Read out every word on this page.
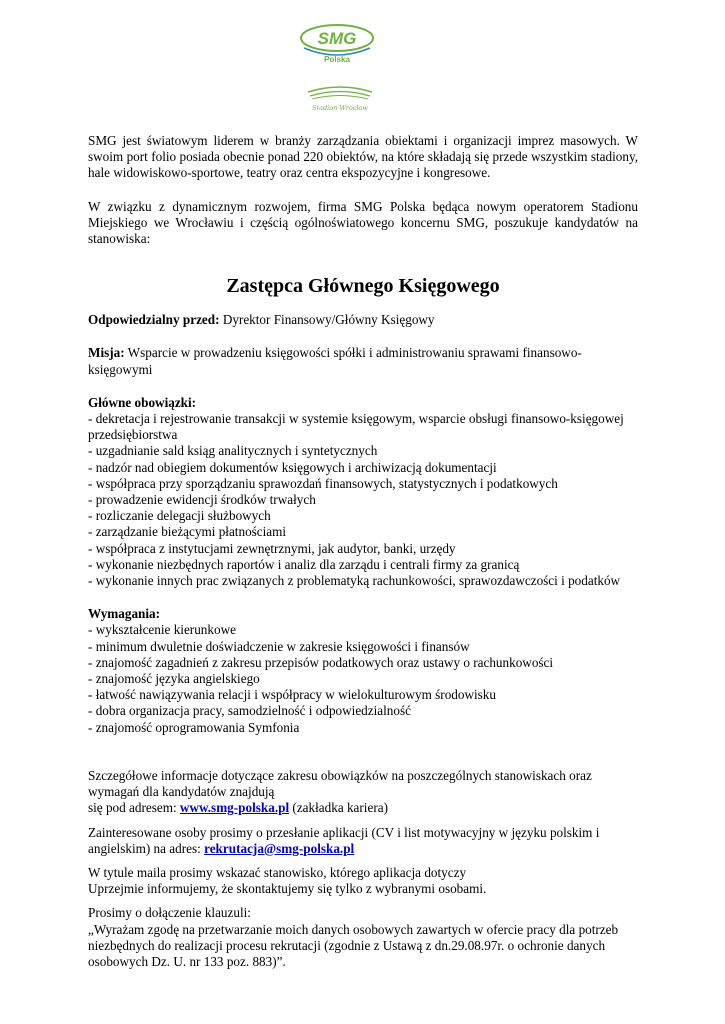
SMG
Polska
Stadion Wrocław

SMG jest światowym liderem w branży zarządzania obiektami i organizacji imprez masowych. W swoim port folio posiada obecnie ponad 220 obiektów, na które składają się przede wszystkim stadiony, hale widowiskowo-sportowe, teatry oraz centra ekspozycyjne i kongresowe.

W związku z dynamicznym rozwojem, firma SMG Polska będąca nowym operatorem Stadionu Miejskiego we Wrocławiu i częścią ogólnoświatowego koncernu SMG, poszukuje kandydatów na stanowiska:

Zastępca Głównego Księgowego

Odpowiedzialny przed: Dyrektor Finansowy/Główny Księgowy

Misja: Wsparcie w prowadzeniu księgowości spółki i administrowaniu sprawami finansowo-księgowymi

Główne obowiązki:
- dekretacja i rejestrowanie transakcji w systemie księgowym, wsparcie obsługi finansowo-księgowej przedsiębiorstwa
- uzgadnianie sald ksiąg analitycznych i syntetycznych
- nadzór nad obiegiem dokumentów księgowych i archiwizacją dokumentacji
- współpraca przy sporządzaniu sprawozdań finansowych, statystycznych i podatkowych
- prowadzenie ewidencji środków trwałych
- rozliczanie delegacji służbowych
- zarządzanie bieżącymi płatnościami
- współpraca z instytucjami zewnętrznymi, jak audytor, banki, urzędy
- wykonanie niezbędnych raportów i analiz dla zarządu i centrali firmy za granicą
- wykonanie innych prac związanych z problematyką rachunkowości, sprawozdawczości i podatków
Wymagania:
- wykształcenie kierunkowe
- minimum dwuletnie doświadczenie w zakresie księgowości i finansów
- znajomość zagadnień z zakresu przepisów podatkowych oraz ustawy o rachunkowości
- znajomość języka angielskiego
- łatwość nawiązywania relacji i współpracy w wielokulturowym środowisku
- dobra organizacja pracy, samodzielność i odpowiedzialność
- znajomość oprogramowania Symfonia

Szczegółowe informacje dotyczące zakresu obowiązków na poszczególnych stanowiskach oraz wymagań dla kandydatów znajdują

się pod adresem: www.smg-polska.pl (zakładka kariera)

Zainteresowane osoby prosimy o przesłanie aplikacji (CV i list motywacyjny w języku polskim i angielskim) na adres: rekrutacja@smg-polska.pl

W tytule maila prosimy wskazać stanowisko, którego aplikacja dotyczy

Uprzejmie informujemy, że skontaktujemy się tylko z wybranymi osobami.

Prosimy o dołączenie klauzuli:

„Wyrażam zgodę na przetwarzanie moich danych osobowych zawartych w ofercie pracy dla potrzeb niezbędnych do realizacji procesu rekrutacji (zgodnie z Ustawą z dn.29.08.97r. o ochronie danych osobowych Dz. U. nr 133 poz. 883)”.
